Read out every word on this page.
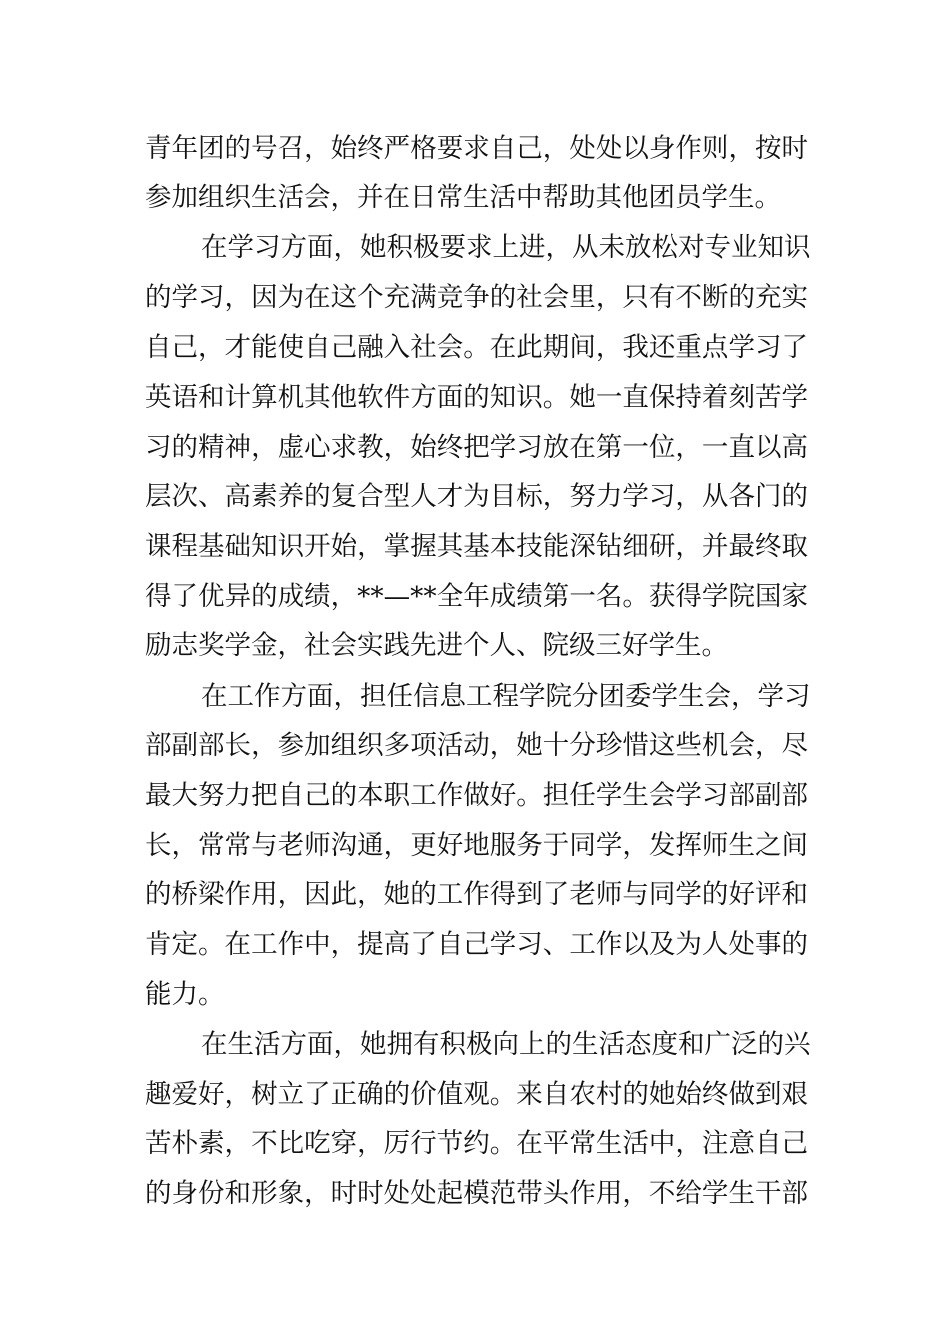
青年团的号召，始终严格要求自己，处处以身作则，按时
参加组织生活会，并在日常生活中帮助其他团员学生。
在学习方面，她积极要求上进，从未放松对专业知识
的学习，因为在这个充满竞争的社会里，只有不断的充实
自己，才能使自己融入社会。在此期间，我还重点学习了
英语和计算机其他软件方面的知识。她一直保持着刻苦学
习的精神，虚心求教，始终把学习放在第一位，一直以高
层次、高素养的复合型人才为目标，努力学习，从各门的
课程基础知识开始，掌握其基本技能深钻细研，并最终取
得了优异的成绩，**—**全年成绩第一名。获得学院国家
励志奖学金，社会实践先进个人、院级三好学生。
在工作方面，担任信息工程学院分团委学生会，学习
部副部长，参加组织多项活动，她十分珍惜这些机会，尽
最大努力把自己的本职工作做好。担任学生会学习部副部
长，常常与老师沟通，更好地服务于同学，发挥师生之间
的桥梁作用，因此，她的工作得到了老师与同学的好评和
肯定。在工作中，提高了自己学习、工作以及为人处事的
能力。
在生活方面，她拥有积极向上的生活态度和广泛的兴
趣爱好，树立了正确的价值观。来自农村的她始终做到艰
苦朴素，不比吃穿，厉行节约。在平常生活中，注意自己
的身份和形象，时时处处起模范带头作用，不给学生干部
